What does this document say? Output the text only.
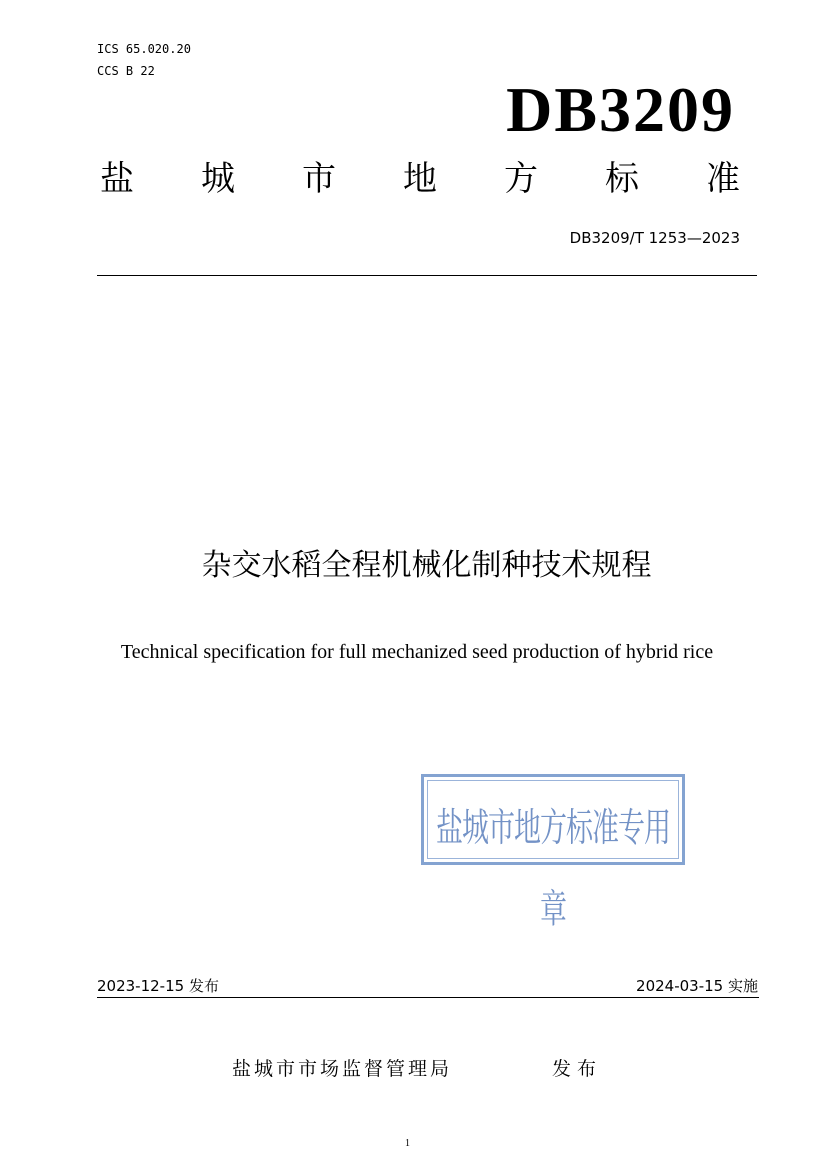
ICS 65.020.20
CCS B 22
DB3209
盐 城 市 地 方 标 准
DB3209/T 1253—2023
杂交水稻全程机械化制种技术规程
Technical specification for full mechanized seed production of hybrid rice
盐城市地方标准专用章
2023-12-15 发布	2024-03-15 实施
盐城市市场监督管理局	发布
1
